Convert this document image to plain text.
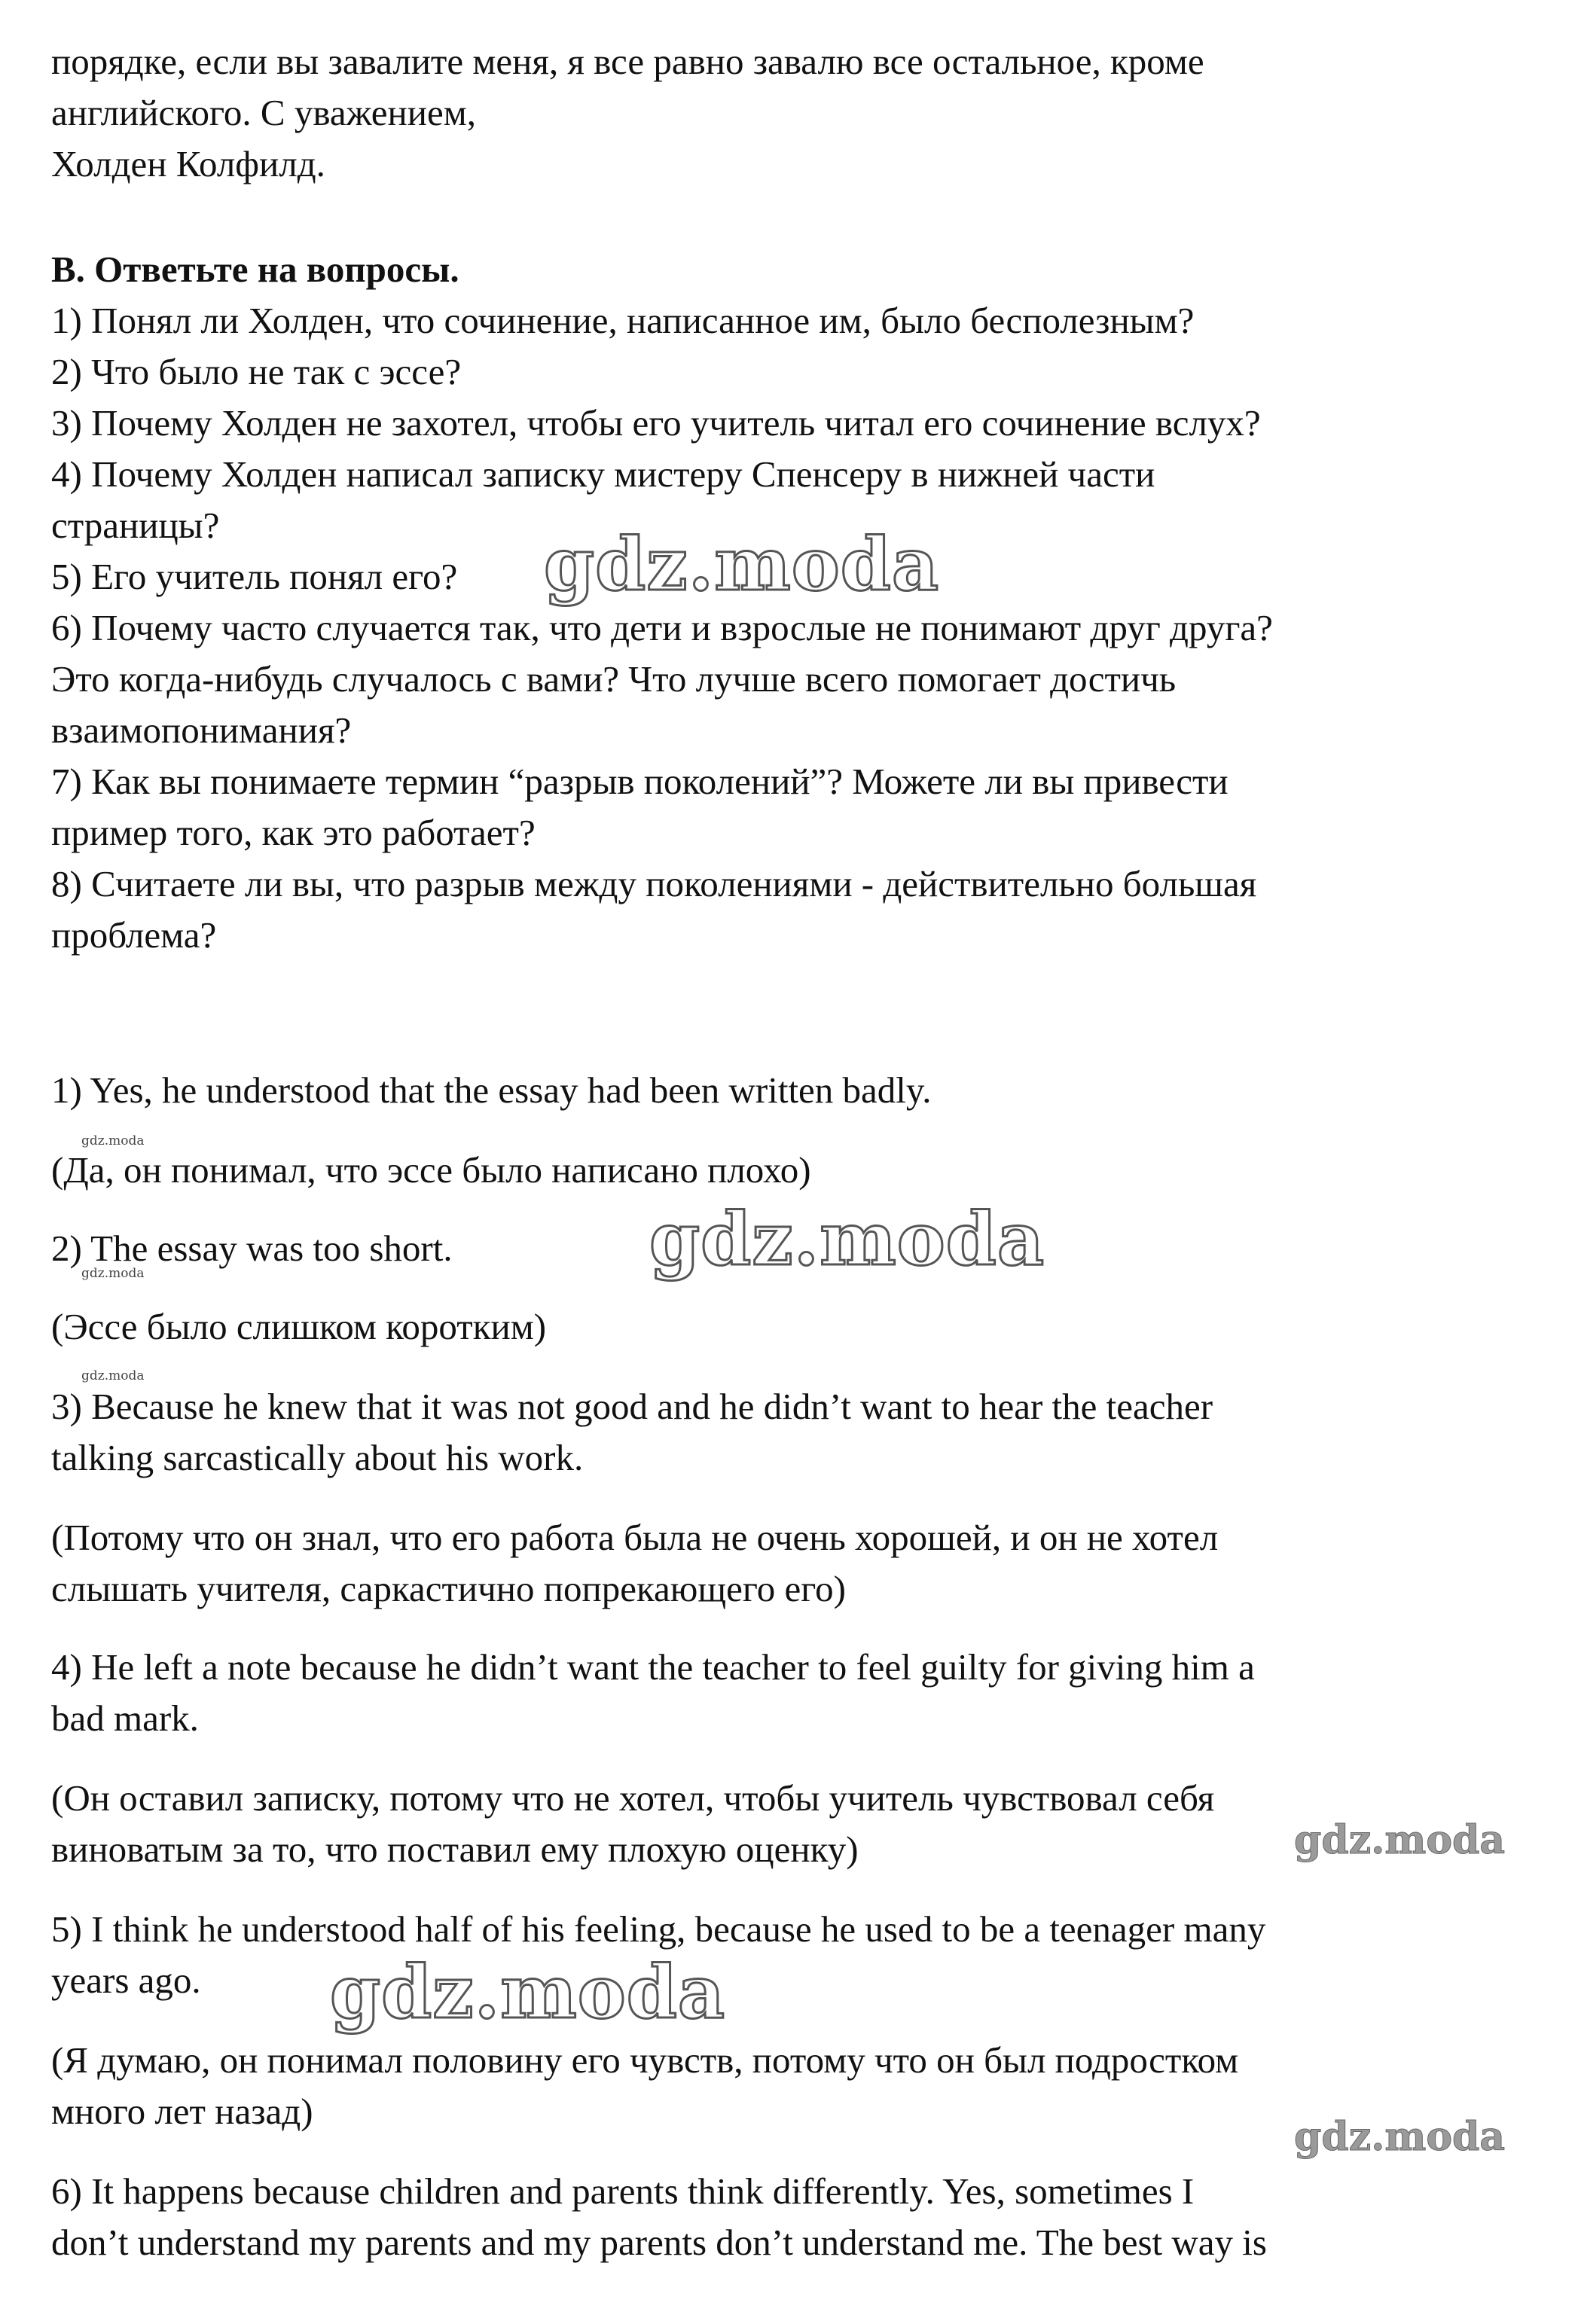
порядке, если вы завалите меня, я все равно завалю все остальное, кроме
английского. С уважением,
Холден Колфилд.
B. Ответьте на вопросы.
1) Понял ли Холден, что сочинение, написанное им, было бесполезным?
2) Что было не так с эссе?
3) Почему Холден не захотел, чтобы его учитель читал его сочинение вслух?
4) Почему Холден написал записку мистеру Спенсеру в нижней части
страницы?
5) Его учитель понял его?
6) Почему часто случается так, что дети и взрослые не понимают друг друга?
Это когда-нибудь случалось с вами? Что лучше всего помогает достичь
взаимопонимания?
7) Как вы понимаете термин “разрыв поколений”? Можете ли вы привести
пример того, как это работает?
8) Считаете ли вы, что разрыв между поколениями - действительно большая
проблема?
1) Yes, he understood that the essay had been written badly.
(Да, он понимал, что эссе было написано плохо)
2) The essay was too short.
(Эссе было слишком коротким)
3) Because he knew that it was not good and he didn’t want to hear the teacher
talking sarcastically about his work.
(Потому что он знал, что его работа была не очень хорошей, и он не хотел
слышать учителя, саркастично попрекающего его)
4) He left a note because he didn’t want the teacher to feel guilty for giving him a
bad mark.
(Он оставил записку, потому что не хотел, чтобы учитель чувствовал себя
виноватым за то, что поставил ему плохую оценку)
5) I think he understood half of his feeling, because he used to be a teenager many
years ago.
(Я думаю, он понимал половину его чувств, потому что он был подростком
много лет назад)
6) It happens because children and parents think differently. Yes, sometimes I
don’t understand my parents and my parents don’t understand me. The best way is
gdz.moda
gdz.moda
gdz.moda
gdz.moda
gdz.moda
gdz.moda
gdz.moda
gdz.moda
